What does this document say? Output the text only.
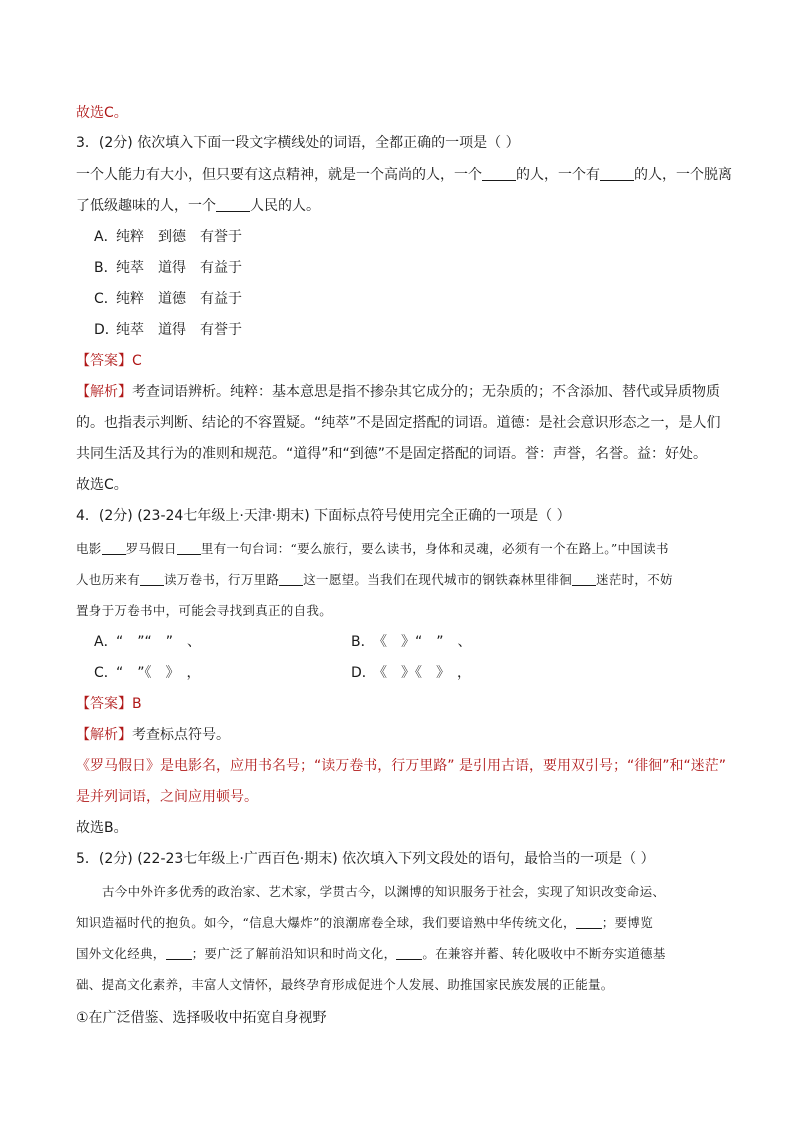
故选C。
3．(2分) 依次填入下面一段文字横线处的词语，全都正确的一项是（ ）
一个人能力有大小，但只要有这点精神，就是一个高尚的人，一个 的人，一个有 的人，一个脱离
了低级趣味的人，一个 人民的人。
A．纯粹　到德　有誉于
B．纯萃　道得　有益于
C．纯粹　道德　有益于
D．纯萃　道得　有誉于
【答案】C
【解析】考查词语辨析。纯粹：基本意思是指不掺杂其它成分的；无杂质的；不含添加、替代或异质物质
的。也指表示判断、结论的不容置疑。“纯萃”不是固定搭配的词语。道德：是社会意识形态之一，是人们
共同生活及其行为的准则和规范。“道得”和“到德”不是固定搭配的词语。誉：声誉，名誉。益：好处。
故选C。
4．(2分) (23-24七年级上·天津·期末) 下面标点符号使用完全正确的一项是（ ）
电影 罗马假日 里有一句台词：“要么旅行，要么读书，身体和灵魂，必须有一个在路上。”中国读书
人也历来有 读万卷书，行万里路 这一愿望。当我们在现代城市的钢铁森林里徘徊 迷茫时，不妨
置身于万卷书中，可能会寻找到真正的自我。
A．“　”“　”　、	B．《　》“　”　、
C．“　”《　》　，	D．《　》《　》　，
【答案】B
【解析】考查标点符号。
《罗马假日》是电影名，应用书名号；“读万卷书，行万里路” 是引用古语，要用双引号；“徘徊”和“迷茫”
是并列词语，之间应用顿号。
故选B。
5．(2分) (22-23七年级上·广西百色·期末) 依次填入下列文段处的语句，最恰当的一项是（ ）
古今中外许多优秀的政治家、艺术家，学贯古今，以渊博的知识服务于社会，实现了知识改变命运、
知识造福时代的抱负。如今，“信息大爆炸”的浪潮席卷全球，我们要谙熟中华传统文化， ；要博览
国外文化经典， ；要广泛了解前沿知识和时尚文化， 。在兼容并蓄、转化吸收中不断夯实道德基
础、提高文化素养，丰富人文情怀，最终孕育形成促进个人发展、助推国家民族发展的正能量。
①在广泛借鉴、选择吸收中拓宽自身视野
